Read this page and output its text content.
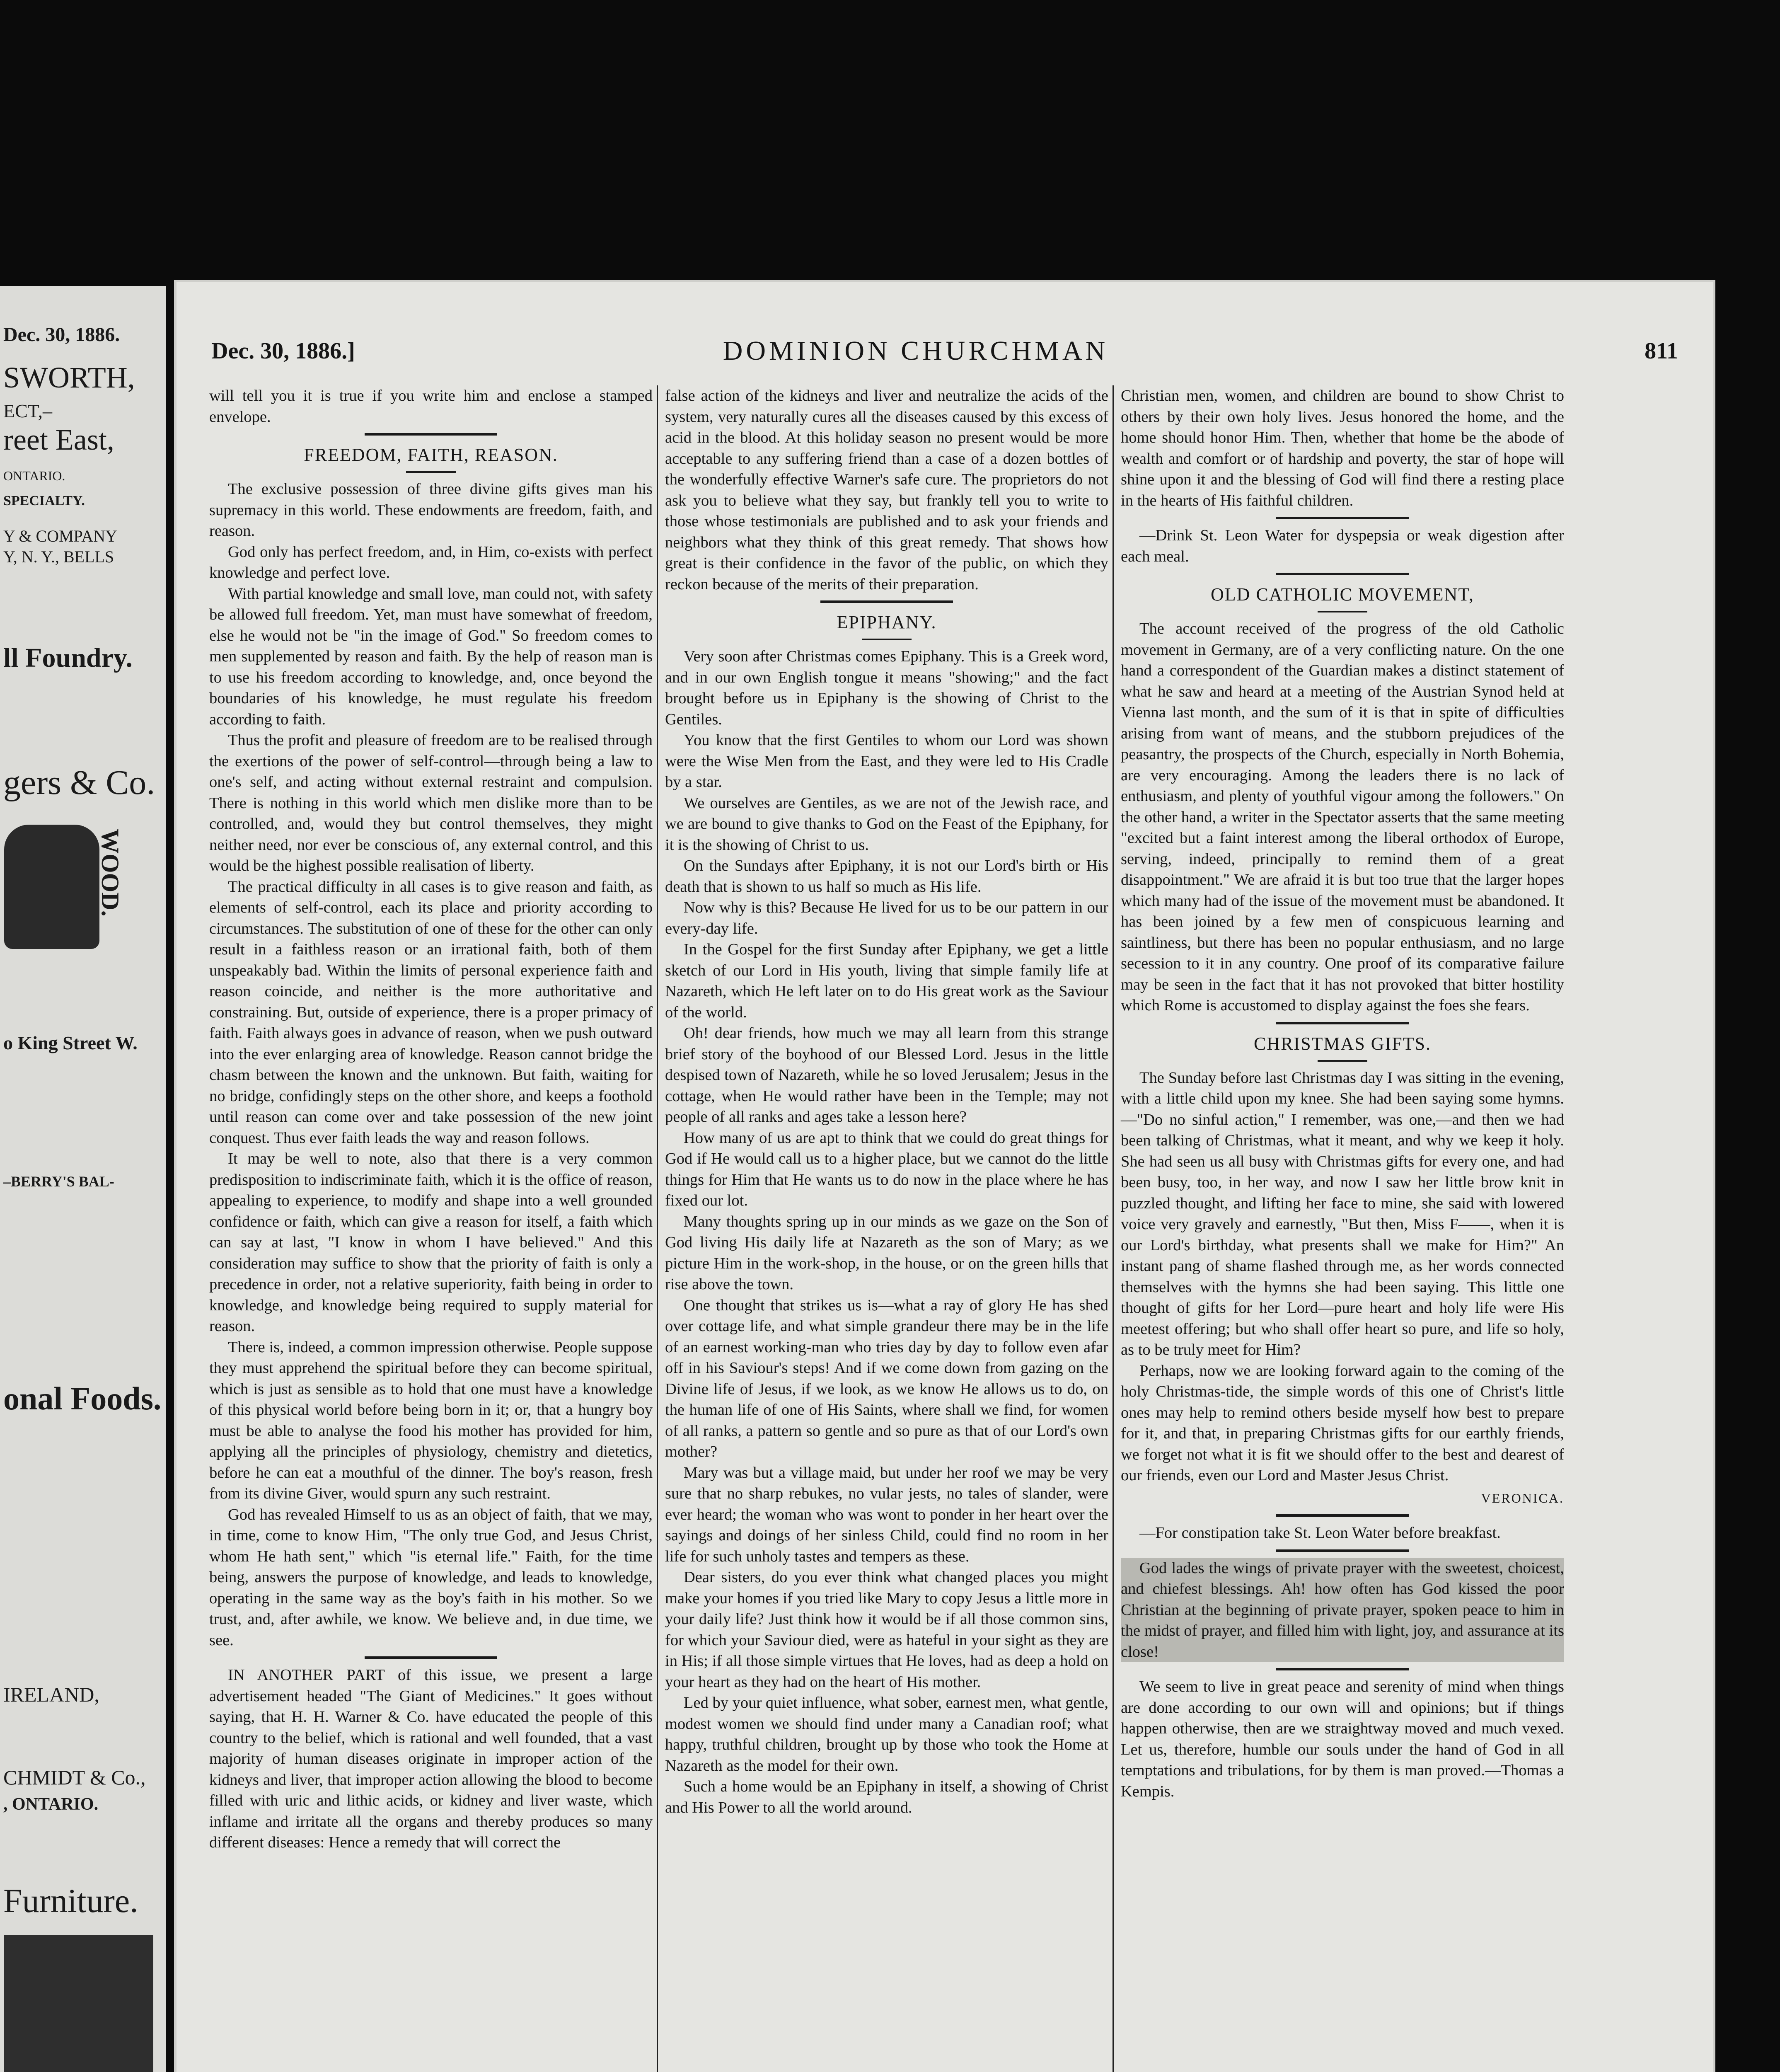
Dec. 30, 1886.
SWORTH,
ECT,–
reet East,
ONTARIO.
SPECIALTY.
Y & COMPANY
Y, N. Y., BELLS
ll Foundry.
gers & Co.
WOOD.
o King Street W.
–BERRY'S BAL-
onal Foods.
IRELAND,
CHMIDT & Co.,
, ONTARIO.
Furniture.
Dec. 30, 1886.]	DOMINION CHURCHMAN	811

will tell you it is true if you write him and enclose a stamped envelope.

FREEDOM, FAITH, REASON.

The exclusive possession of three divine gifts gives man his supremacy in this world. These endowments are freedom, faith, and reason.

God only has perfect freedom, and, in Him, co-exists with perfect knowledge and perfect love.

With partial knowledge and small love, man could not, with safety be allowed full freedom. Yet, man must have somewhat of freedom, else he would not be "in the image of God." So freedom comes to men supplemented by reason and faith. By the help of reason man is to use his freedom according to knowledge, and, once beyond the boundaries of his knowledge, he must regulate his freedom according to faith.

Thus the profit and pleasure of freedom are to be realised through the exertions of the power of self-control—through being a law to one's self, and acting without external restraint and compulsion. There is nothing in this world which men dislike more than to be controlled, and, would they but control themselves, they might neither need, nor ever be conscious of, any external control, and this would be the highest possible realisation of liberty.

The practical difficulty in all cases is to give reason and faith, as elements of self-control, each its place and priority according to circumstances. The substitution of one of these for the other can only result in a faithless reason or an irrational faith, both of them unspeakably bad. Within the limits of personal experience faith and reason coincide, and neither is the more authoritative and constraining. But, outside of experience, there is a proper primacy of faith. Faith always goes in advance of reason, when we push outward into the ever enlarging area of knowledge. Reason cannot bridge the chasm between the known and the unknown. But faith, waiting for no bridge, confidingly steps on the other shore, and keeps a foothold until reason can come over and take possession of the new joint conquest. Thus ever faith leads the way and reason follows.

It may be well to note, also that there is a very common predisposition to indiscriminate faith, which it is the office of reason, appealing to experience, to modify and shape into a well grounded confidence or faith, which can give a reason for itself, a faith which can say at last, "I know in whom I have believed." And this consideration may suffice to show that the priority of faith is only a precedence in order, not a relative superiority, faith being in order to knowledge, and knowledge being required to supply material for reason.

There is, indeed, a common impression otherwise. People suppose they must apprehend the spiritual before they can become spiritual, which is just as sensible as to hold that one must have a knowledge of this physical world before being born in it; or, that a hungry boy must be able to analyse the food his mother has provided for him, applying all the principles of physiology, chemistry and dietetics, before he can eat a mouthful of the dinner. The boy's reason, fresh from its divine Giver, would spurn any such restraint.

God has revealed Himself to us as an object of faith, that we may, in time, come to know Him, "The only true God, and Jesus Christ, whom He hath sent," which "is eternal life." Faith, for the time being, answers the purpose of knowledge, and leads to knowledge, operating in the same way as the boy's faith in his mother. So we trust, and, after awhile, we know. We believe and, in due time, we see.

IN ANOTHER PART of this issue, we present a large advertisement headed "The Giant of Medicines." It goes without saying, that H. H. Warner & Co. have educated the people of this country to the belief, which is rational and well founded, that a vast majority of human diseases originate in improper action of the kidneys and liver, that improper action allowing the blood to become filled with uric and lithic acids, or kidney and liver waste, which inflame and irritate all the organs and thereby produces so many different diseases: Hence a remedy that will correct the

false action of the kidneys and liver and neutralize the acids of the system, very naturally cures all the diseases caused by this excess of acid in the blood. At this holiday season no present would be more acceptable to any suffering friend than a case of a dozen bottles of the wonderfully effective Warner's safe cure. The proprietors do not ask you to believe what they say, but frankly tell you to write to those whose testimonials are published and to ask your friends and neighbors what they think of this great remedy. That shows how great is their confidence in the favor of the public, on which they reckon because of the merits of their preparation.

EPIPHANY.

Very soon after Christmas comes Epiphany. This is a Greek word, and in our own English tongue it means "showing;" and the fact brought before us in Epiphany is the showing of Christ to the Gentiles.

You know that the first Gentiles to whom our Lord was shown were the Wise Men from the East, and they were led to His Cradle by a star.

We ourselves are Gentiles, as we are not of the Jewish race, and we are bound to give thanks to God on the Feast of the Epiphany, for it is the showing of Christ to us.

On the Sundays after Epiphany, it is not our Lord's birth or His death that is shown to us half so much as His life.

Now why is this? Because He lived for us to be our pattern in our every-day life.

In the Gospel for the first Sunday after Epiphany, we get a little sketch of our Lord in His youth, living that simple family life at Nazareth, which He left later on to do His great work as the Saviour of the world.

Oh! dear friends, how much we may all learn from this strange brief story of the boyhood of our Blessed Lord. Jesus in the little despised town of Nazareth, while he so loved Jerusalem; Jesus in the cottage, when He would rather have been in the Temple; may not people of all ranks and ages take a lesson here?

How many of us are apt to think that we could do great things for God if He would call us to a higher place, but we cannot do the little things for Him that He wants us to do now in the place where he has fixed our lot.

Many thoughts spring up in our minds as we gaze on the Son of God living His daily life at Nazareth as the son of Mary; as we picture Him in the work-shop, in the house, or on the green hills that rise above the town.

One thought that strikes us is—what a ray of glory He has shed over cottage life, and what simple grandeur there may be in the life of an earnest working-man who tries day by day to follow even afar off in his Saviour's steps! And if we come down from gazing on the Divine life of Jesus, if we look, as we know He allows us to do, on the human life of one of His Saints, where shall we find, for women of all ranks, a pattern so gentle and so pure as that of our Lord's own mother?

Mary was but a village maid, but under her roof we may be very sure that no sharp rebukes, no vular jests, no tales of slander, were ever heard; the woman who was wont to ponder in her heart over the sayings and doings of her sinless Child, could find no room in her life for such unholy tastes and tempers as these.

Dear sisters, do you ever think what changed places you might make your homes if you tried like Mary to copy Jesus a little more in your daily life? Just think how it would be if all those common sins, for which your Saviour died, were as hateful in your sight as they are in His; if all those simple virtues that He loves, had as deep a hold on your heart as they had on the heart of His mother.

Led by your quiet influence, what sober, earnest men, what gentle, modest women we should find under many a Canadian roof; what happy, truthful children, brought up by those who took the Home at Nazareth as the model for their own.

Such a home would be an Epiphany in itself, a showing of Christ and His Power to all the world around.

Christian men, women, and children are bound to show Christ to others by their own holy lives. Jesus honored the home, and the home should honor Him. Then, whether that home be the abode of wealth and comfort or of hardship and poverty, the star of hope will shine upon it and the blessing of God will find there a resting place in the hearts of His faithful children.

—Drink St. Leon Water for dyspepsia or weak digestion after each meal.

OLD CATHOLIC MOVEMENT,

The account received of the progress of the old Catholic movement in Germany, are of a very conflicting nature. On the one hand a correspondent of the Guardian makes a distinct statement of what he saw and heard at a meeting of the Austrian Synod held at Vienna last month, and the sum of it is that in spite of difficulties arising from want of means, and the stubborn prejudices of the peasantry, the prospects of the Church, especially in North Bohemia, are very encouraging. Among the leaders there is no lack of enthusiasm, and plenty of youthful vigour among the followers." On the other hand, a writer in the Spectator asserts that the same meeting "excited but a faint interest among the liberal orthodox of Europe, serving, indeed, principally to remind them of a great disappointment." We are afraid it is but too true that the larger hopes which many had of the issue of the movement must be abandoned. It has been joined by a few men of conspicuous learning and saintliness, but there has been no popular enthusiasm, and no large secession to it in any country. One proof of its comparative failure may be seen in the fact that it has not provoked that bitter hostility which Rome is accustomed to display against the foes she fears.

CHRISTMAS GIFTS.

The Sunday before last Christmas day I was sitting in the evening, with a little child upon my knee. She had been saying some hymns.—"Do no sinful action," I remember, was one,—and then we had been talking of Christmas, what it meant, and why we keep it holy. She had seen us all busy with Christmas gifts for every one, and had been busy, too, in her way, and now I saw her little brow knit in puzzled thought, and lifting her face to mine, she said with lowered voice very gravely and earnestly, "But then, Miss F——, when it is our Lord's birthday, what presents shall we make for Him?" An instant pang of shame flashed through me, as her words connected themselves with the hymns she had been saying. This little one thought of gifts for her Lord—pure heart and holy life were His meetest offering; but who shall offer heart so pure, and life so holy, as to be truly meet for Him?

Perhaps, now we are looking forward again to the coming of the holy Christmas-tide, the simple words of this one of Christ's little ones may help to remind others beside myself how best to prepare for it, and that, in preparing Christmas gifts for our earthly friends, we forget not what it is fit we should offer to the best and dearest of our friends, even our Lord and Master Jesus Christ.

VERONICA.

—For constipation take St. Leon Water before breakfast.

God lades the wings of private prayer with the sweetest, choicest, and chiefest blessings. Ah! how often has God kissed the poor Christian at the beginning of private prayer, spoken peace to him in the midst of prayer, and filled him with light, joy, and assurance at its close!

We seem to live in great peace and serenity of mind when things are done according to our own will and opinions; but if things happen otherwise, then are we straightway moved and much vexed. Let us, therefore, humble our souls under the hand of God in all temptations and tribulations, for by them is man proved.—Thomas a Kempis.
